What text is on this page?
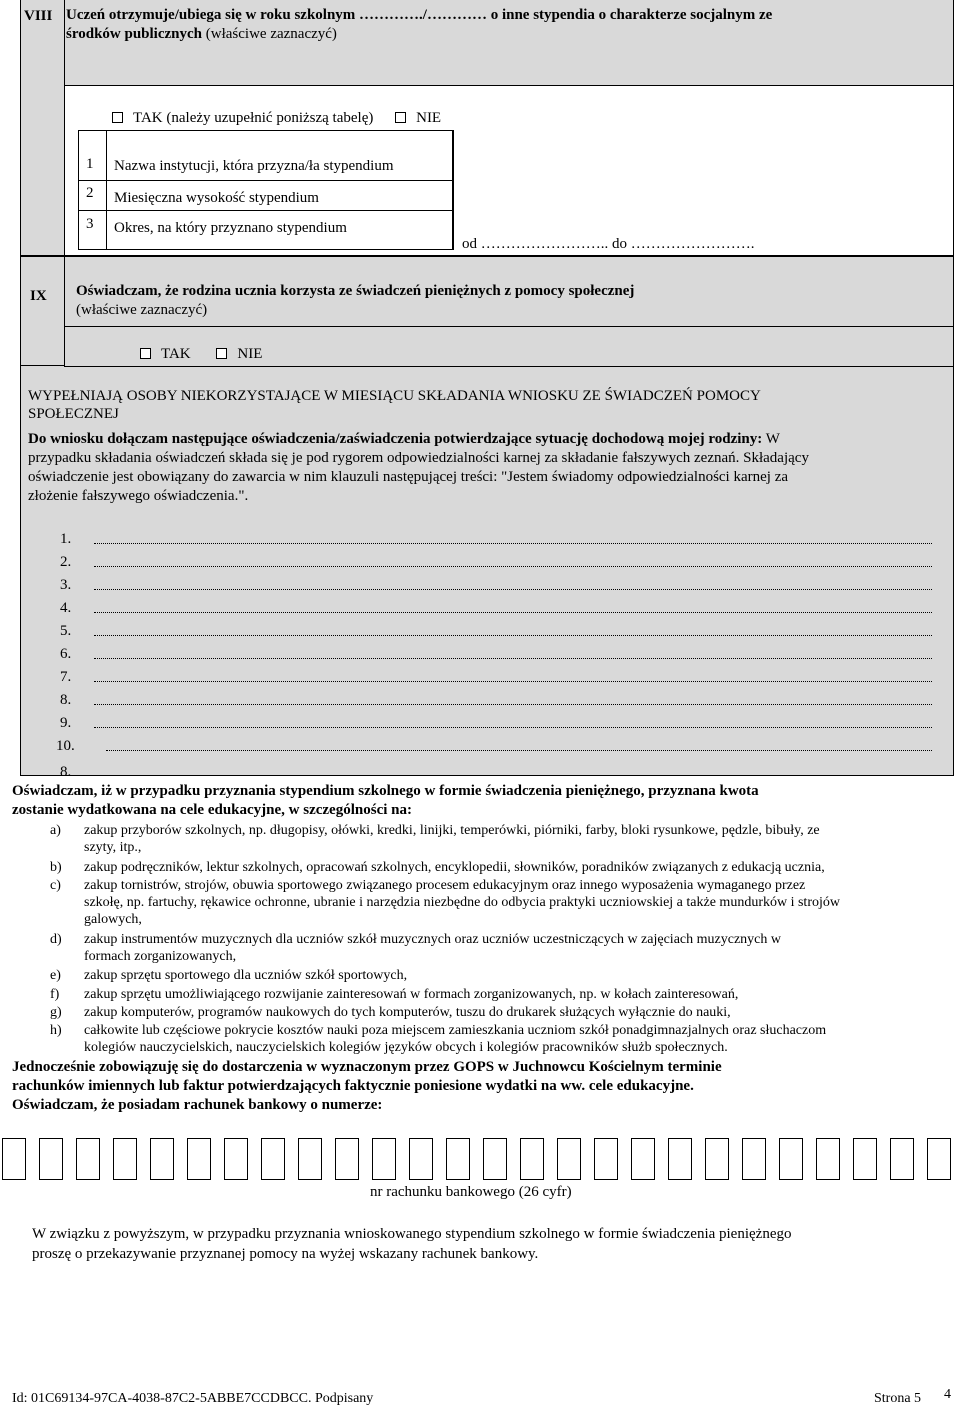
VIII Uczeń otrzymuje/ubiega się w roku szkolnym …………./………… o inne stypendia o charakterze socjalnym ze
środków publicznych (właściwe zaznaczyć)
TAK (należy uzupełnić poniższą tabelę)	NIE
1 Nazwa instytucji, która przyzna/ła stypendium
2 Miesięczna wysokość stypendium
3 Okres, na który przyznano stypendium
od …………………….. do …………………….
IX Oświadczam, że rodzina ucznia korzysta ze świadczeń pieniężnych z pomocy społecznej
(właściwe zaznaczyć)
TAK	NIE
WYPEŁNIAJĄ OSOBY NIEKORZYSTAJĄCE W MIESIĄCU SKŁADANIA WNIOSKU ZE ŚWIADCZEŃ POMOCY
SPOŁECZNEJ
Do wniosku dołączam następujące oświadczenia/zaświadczenia potwierdzające sytuację dochodową mojej rodziny: W
przypadku składania oświadczeń składa się je pod rygorem odpowiedzialności karnej za składanie fałszywych zeznań. Składający
oświadczenie jest obowiązany do zawarcia w nim klauzuli następującej treści: "Jestem świadomy odpowiedzialności karnej za
złożenie fałszywego oświadczenia.".
1.
2.
3.
4.
5.
6.
7.
8.
9.
10.
8.
Oświadczam, iż w przypadku przyznania stypendium szkolnego w formie świadczenia pieniężnego, przyznana kwota
zostanie wydatkowana na cele edukacyjne, w szczególności na:
a) zakup przyborów szkolnych, np. długopisy, ołówki, kredki, linijki, temperówki, piórniki, farby, bloki rysunkowe, pędzle, bibuły, ze
szyty, itp.,
b) zakup podręczników, lektur szkolnych, opracowań szkolnych, encyklopedii, słowników, poradników związanych z edukacją ucznia,
c) zakup tornistrów, strojów, obuwia sportowego związanego procesem edukacyjnym oraz innego wyposażenia wymaganego przez
szkołę, np. fartuchy, rękawice ochronne, ubranie i narzędzia niezbędne do odbycia praktyki uczniowskiej a także mundurków i strojów
galowych,
d) zakup instrumentów muzycznych dla uczniów szkół muzycznych oraz uczniów uczestniczących w zajęciach muzycznych w
formach zorganizowanych,
e) zakup sprzętu sportowego dla uczniów szkół sportowych,
f) zakup sprzętu umożliwiającego rozwijanie zainteresowań w formach zorganizowanych, np. w kołach zainteresowań,
g) zakup komputerów, programów naukowych do tych komputerów, tuszu do drukarek służących wyłącznie do nauki,
h) całkowite lub częściowe pokrycie kosztów nauki poza miejscem zamieszkania uczniom szkół ponadgimnazjalnych oraz słuchaczom
kolegiów nauczycielskich, nauczycielskich kolegiów języków obcych i kolegiów pracowników służb społecznych.
Jednocześnie zobowiązuję się do dostarczenia w wyznaczonym przez GOPS w Juchnowcu Kościelnym terminie
rachunków imiennych lub faktur potwierdzających faktycznie poniesione wydatki na ww. cele edukacyjne.
Oświadczam, że posiadam rachunek bankowy o numerze:
nr rachunku bankowego (26 cyfr)
W związku z powyższym, w przypadku przyznania wnioskowanego stypendium szkolnego w formie świadczenia pieniężnego
proszę o przekazywanie przyznanej pomocy na wyżej wskazany rachunek bankowy.
Id: 01C69134-97CA-4038-87C2-5ABBE7CCDBCC. Podpisany	Strona 5 4
